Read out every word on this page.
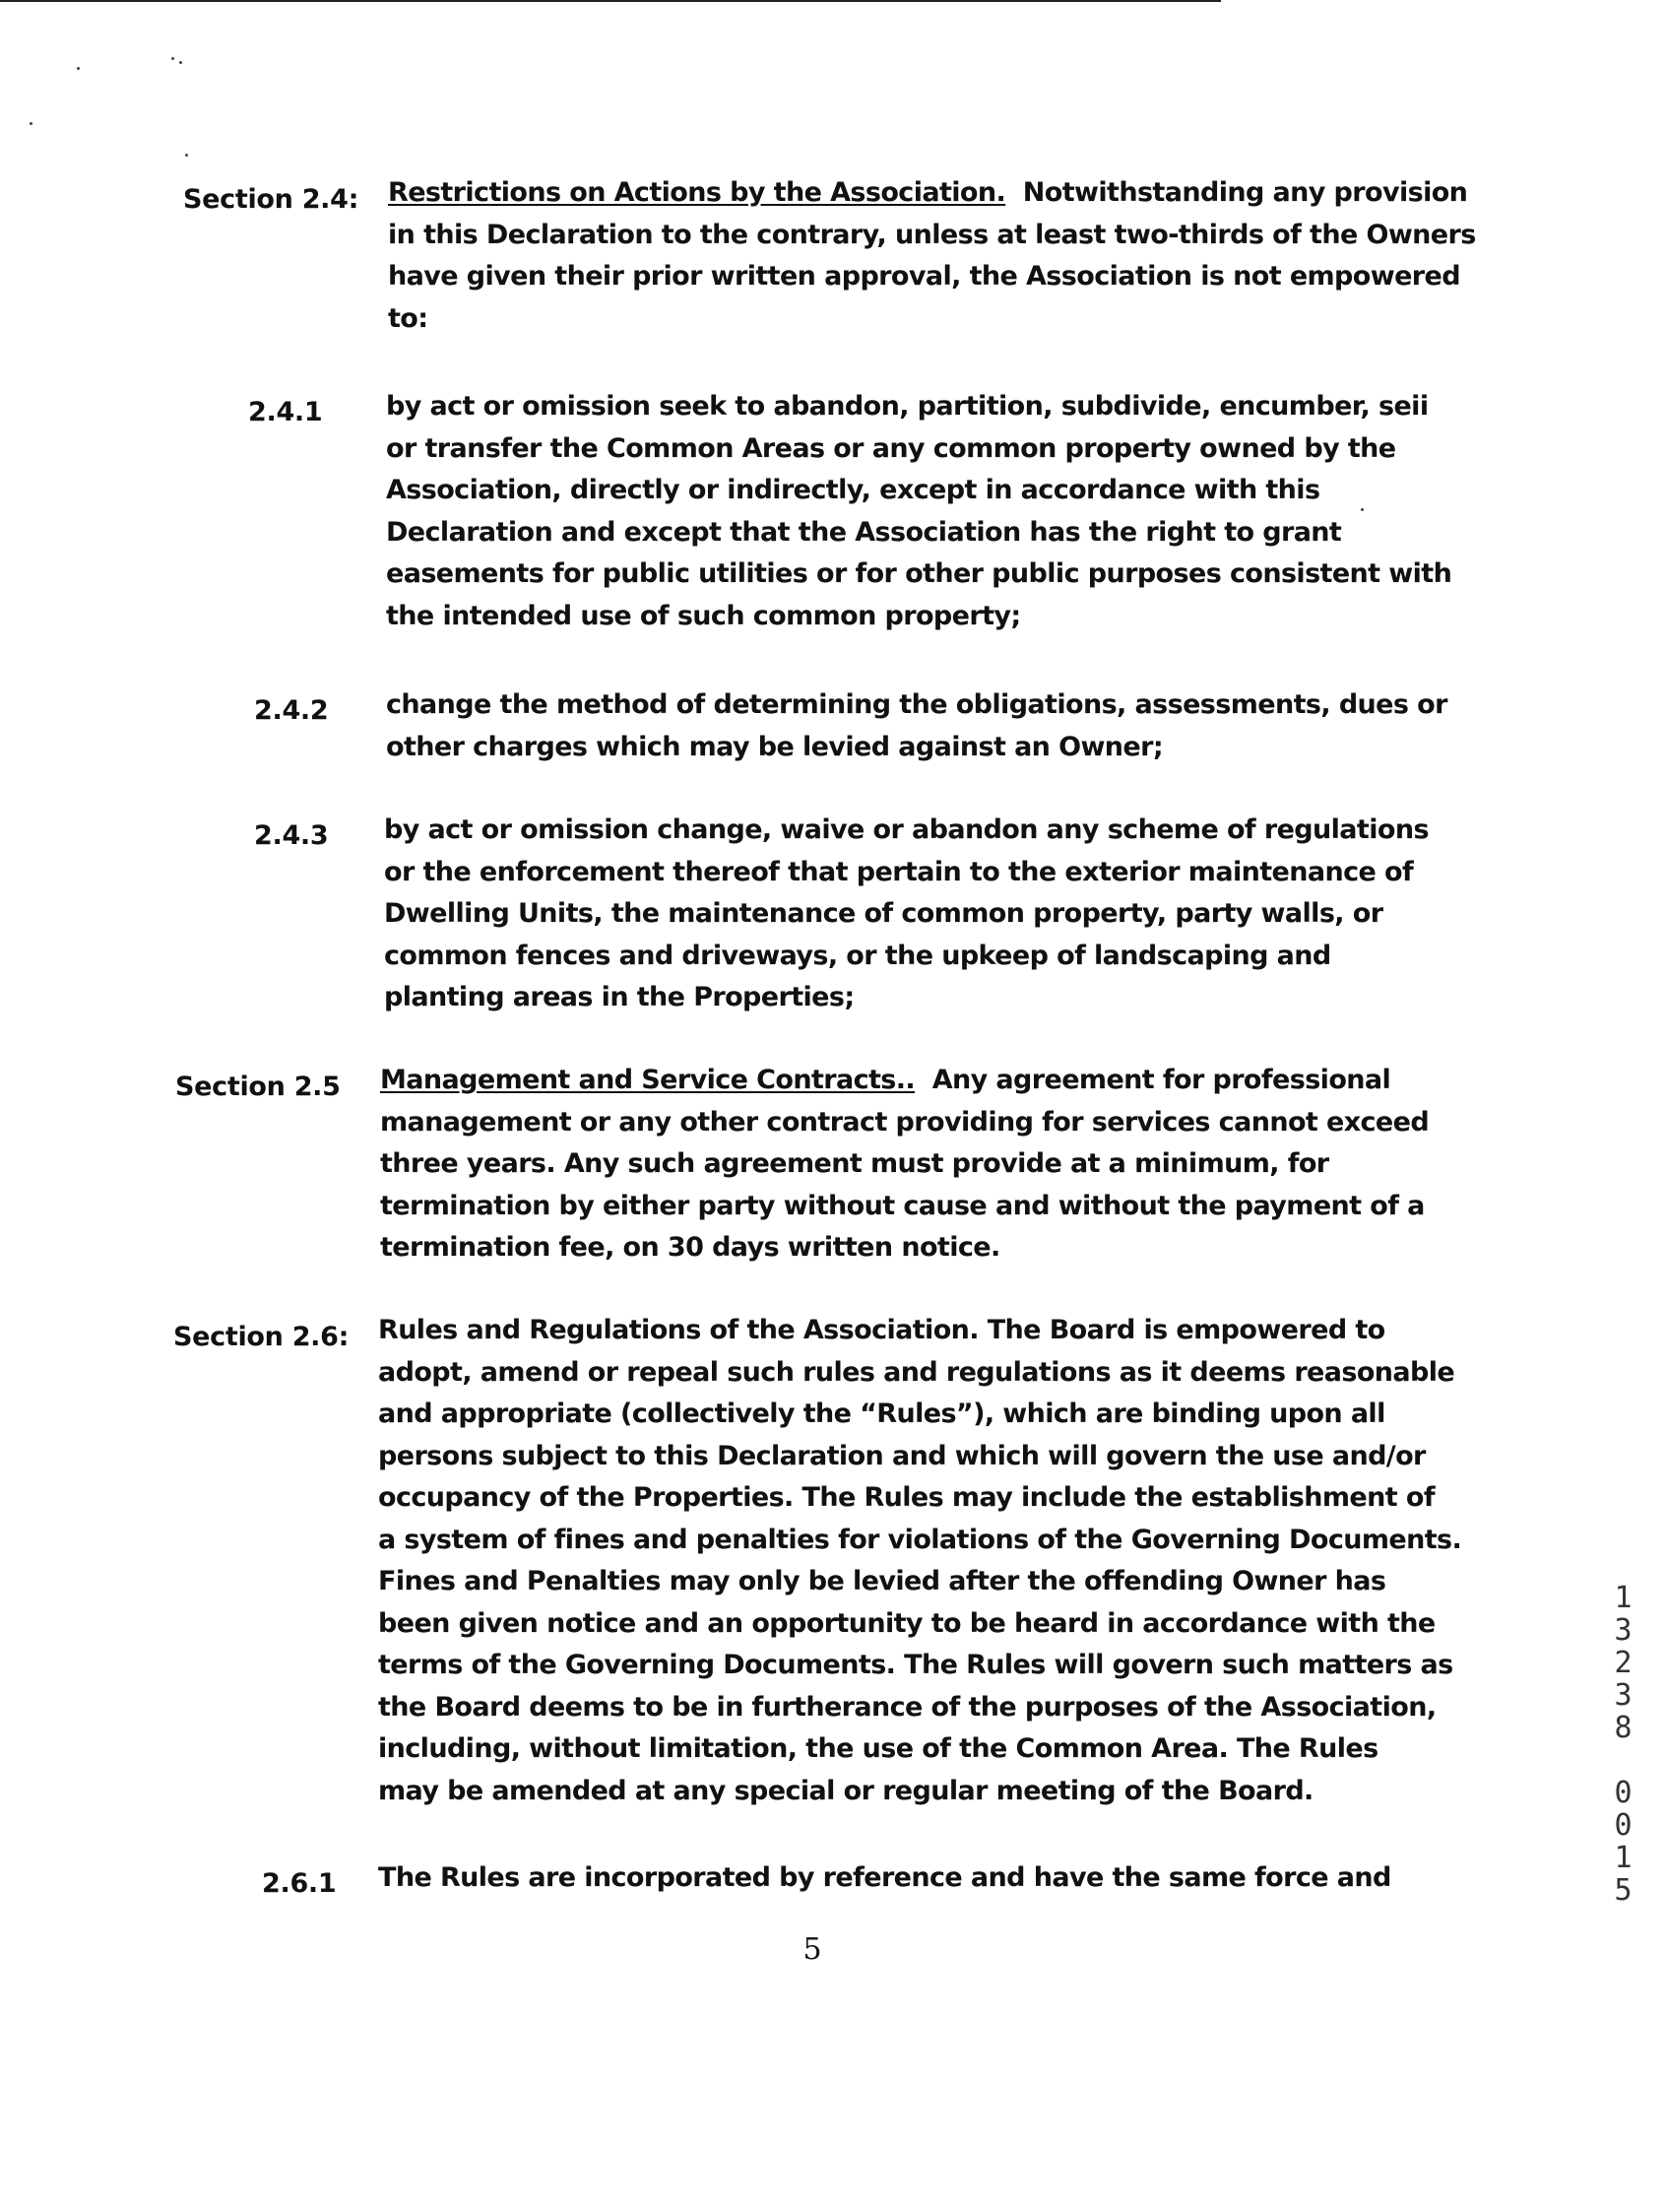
Section 2.4: Restrictions on Actions by the Association. Notwithstanding any provision
in this Declaration to the contrary, unless at least two-thirds of the Owners
have given their prior written approval, the Association is not empowered
to:
2.4.1 by act or omission seek to abandon, partition, subdivide, encumber, seii
or transfer the Common Areas or any common property owned by the
Association, directly or indirectly, except in accordance with this
Declaration and except that the Association has the right to grant
easements for public utilities or for other public purposes consistent with
the intended use of such common property;
2.4.2 change the method of determining the obligations, assessments, dues or
other charges which may be levied against an Owner;
2.4.3 by act or omission change, waive or abandon any scheme of regulations
or the enforcement thereof that pertain to the exterior maintenance of
Dwelling Units, the maintenance of common property, party walls, or
common fences and driveways, or the upkeep of landscaping and
planting areas in the Properties;
Section 2.5 Management and Service Contracts.. Any agreement for professional
management or any other contract providing for services cannot exceed
three years. Any such agreement must provide at a minimum, for
termination by either party without cause and without the payment of a
termination fee, on 30 days written notice.
Section 2.6: Rules and Regulations of the Association. The Board is empowered to
adopt, amend or repeal such rules and regulations as it deems reasonable
and appropriate (collectively the “Rules”), which are binding upon all
persons subject to this Declaration and which will govern the use and/or
occupancy of the Properties. The Rules may include the establishment of
a system of fines and penalties for violations of the Governing Documents.
Fines and Penalties may only be levied after the offending Owner has
been given notice and an opportunity to be heard in accordance with the
terms of the Governing Documents. The Rules will govern such matters as
the Board deems to be in furtherance of the purposes of the Association,
including, without limitation, the use of the Common Area. The Rules
may be amended at any special or regular meeting of the Board.
2.6.1 The Rules are incorporated by reference and have the same force and
5
13238 0015
